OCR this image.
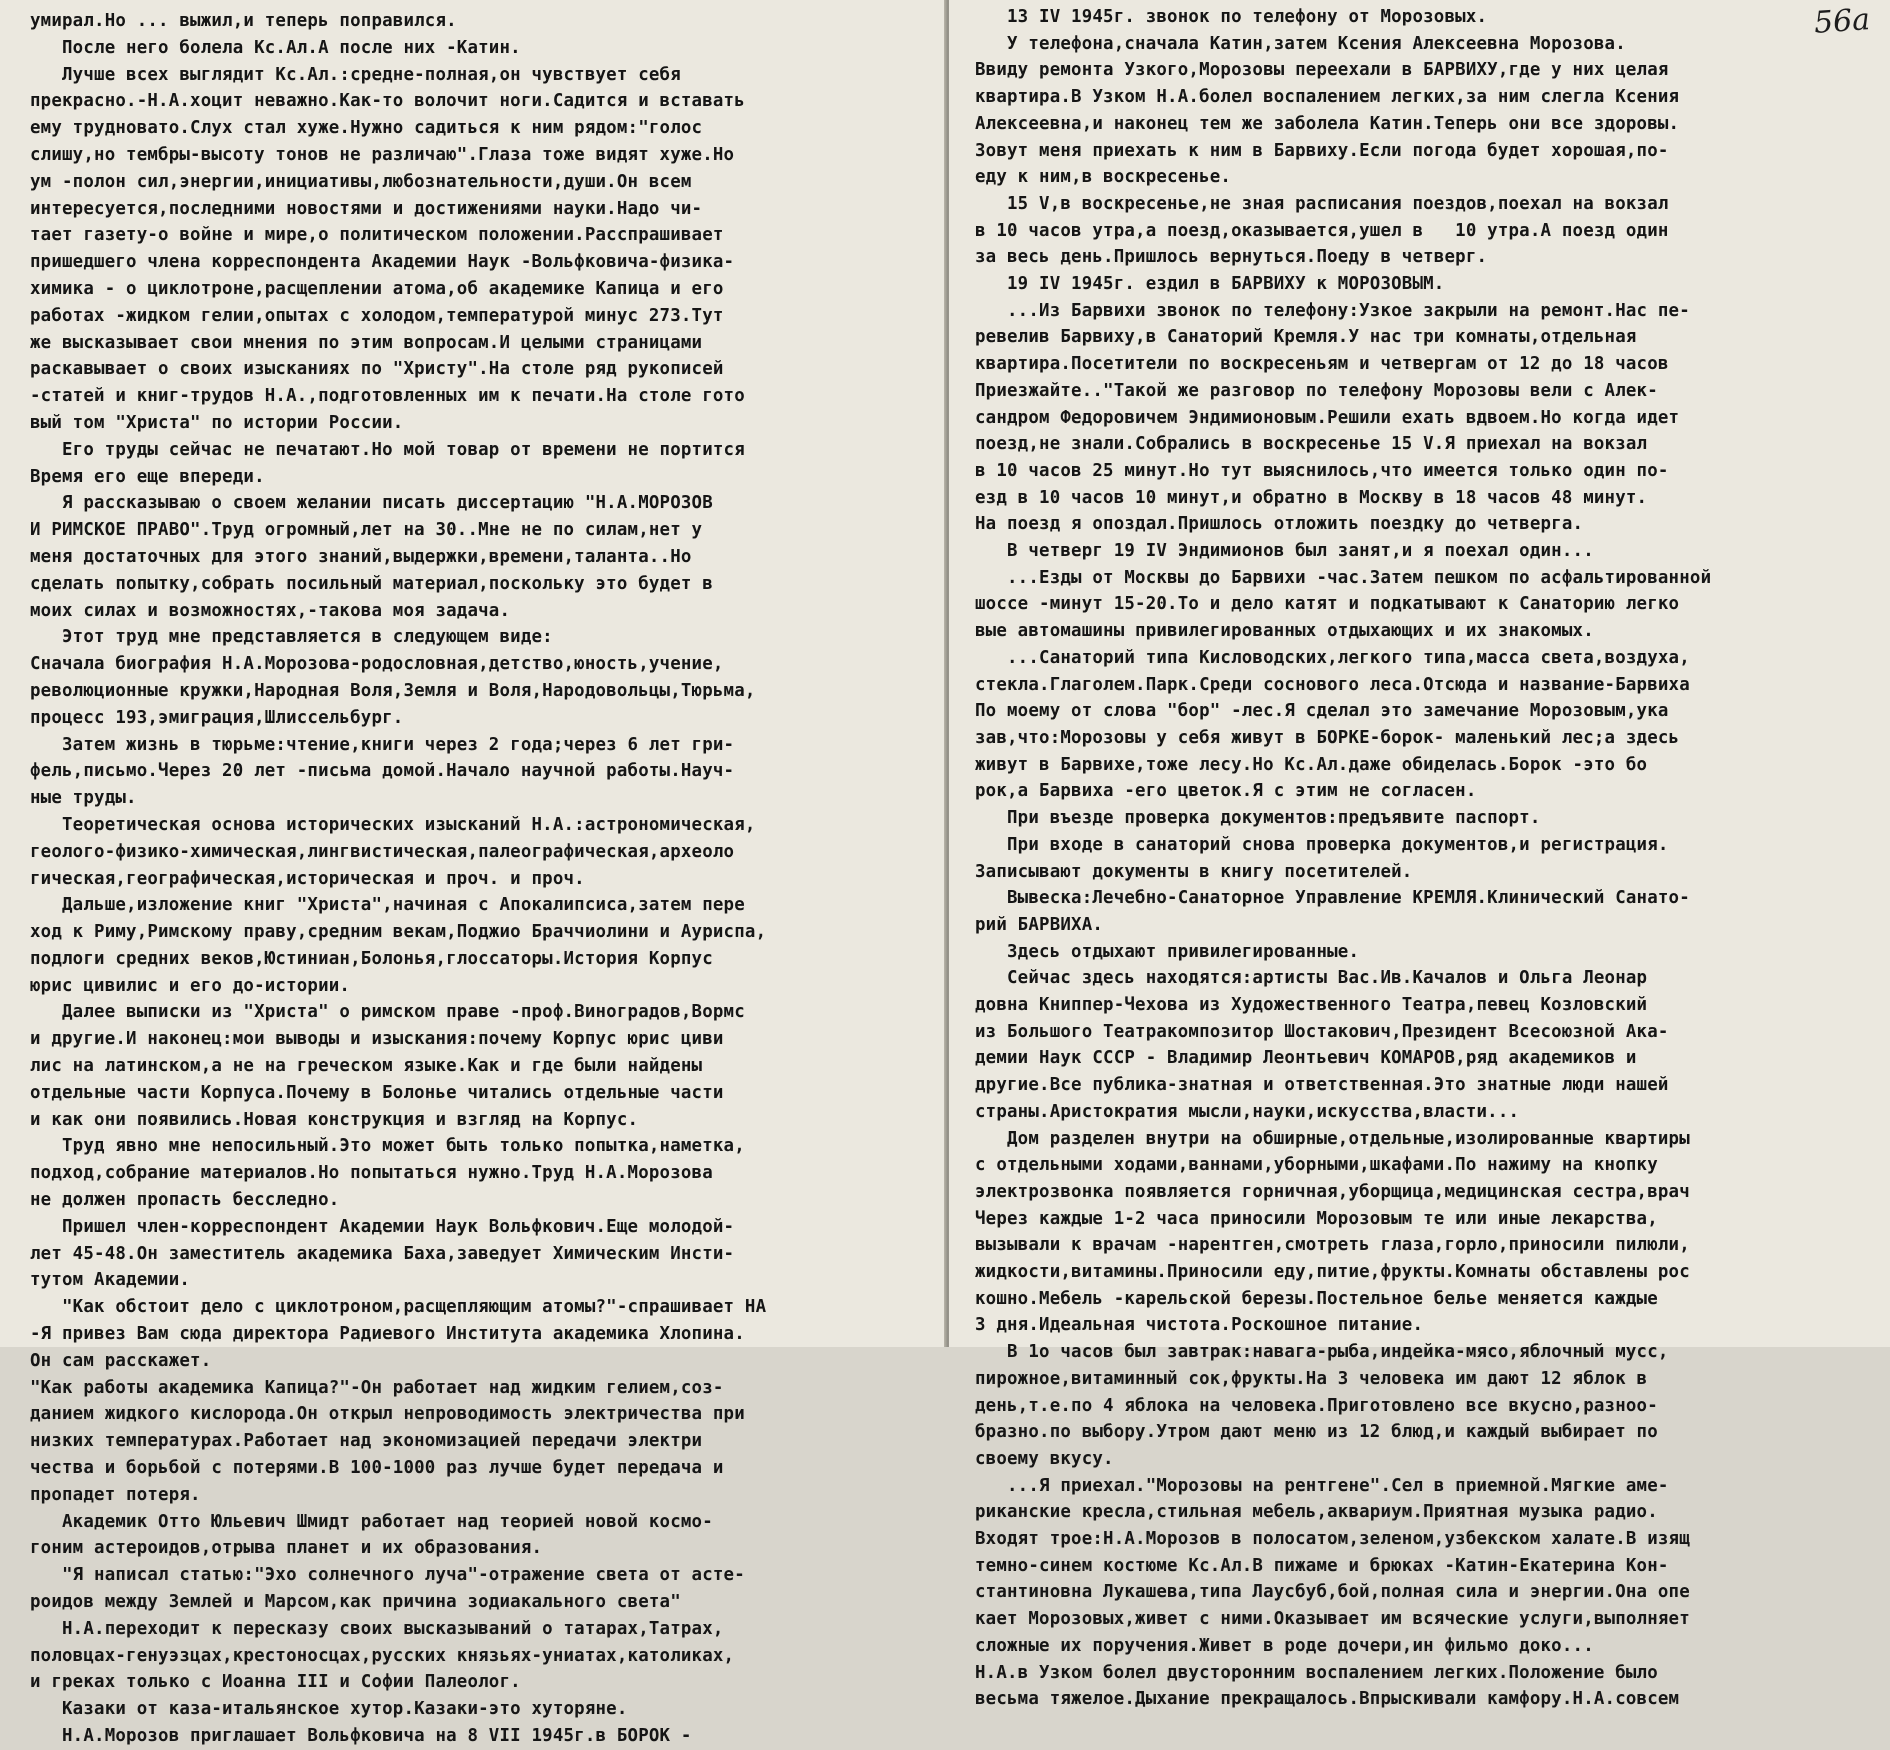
умирал.Но ... выжил,и теперь поправился.
После него болела Кс.Ал.А после них -Катин.
Лучше всех выглядит Кс.Ал.:средне-полная,он чувствует себя
прекрасно.-Н.А.хоцит неважно.Как-то волочит ноги.Садится и вставать
ему трудновато.Слух стал хуже.Нужно садиться к ним рядом:"голос
слишу,но тембры-высоту тонов не различаю".Глаза тоже видят хуже.Но
ум -полон сил,энергии,инициативы,любознательности,души.Он всем
интересуется,последними новостями и достижениями науки.Надо чи-
тает газету-о войне и мире,о политическом положении.Расспрашивает
пришедшего члена корреспондента Академии Наук -Вольфковича-физика-
химика - о циклотроне,расщеплении атома,об академике Капица и его
работах -жидком гелии,опытах с холодом,температурой минус 273.Тут
же высказывает свои мнения по этим вопросам.И целыми страницами
раскавывает о своих изысканиях по "Христу".На столе ряд рукописей
-статей и книг-трудов Н.А.,подготовленных им к печати.На столе гото
вый том "Христа" по истории России.
Его труды сейчас не печатают.Но мой товар от времени не портится
Время его еще впереди.
Я рассказываю о своем желании писать диссертацию "Н.А.МОРОЗОВ
И РИМСКОЕ ПРАВО".Труд огромный,лет на 30..Мне не по силам,нет у
меня достаточных для этого знаний,выдержки,времени,таланта..Но
сделать попытку,собрать посильный материал,поскольку это будет в
моих силах и возможностях,-такова моя задача.
Этот труд мне представляется в следующем виде:
Сначала биография Н.А.Морозова-родословная,детство,юность,учение,
революционные кружки,Народная Воля,Земля и Воля,Народовольцы,Тюрьма,
процесс 193,эмиграция,Шлиссельбург.
Затем жизнь в тюрьме:чтение,книги через 2 года;через 6 лет гри-
фель,письмо.Через 20 лет -письма домой.Начало научной работы.Науч-
ные труды.
Теоретическая основа исторических изысканий Н.А.:астрономическая,
геолого-физико-химическая,лингвистическая,палеографическая,археоло
гическая,географическая,историческая и проч. и проч.
Дальше,изложение книг "Христа",начиная с Апокалипсиса,затем пере
ход к Риму,Римскому праву,средним векам,Поджио Браччиолини и Ауриспа,
подлоги средних веков,Юстиниан,Болонья,глоссаторы.История Корпус
юрис цивилис и его до-истории.
Далее выписки из "Христа" о римском праве -проф.Виноградов,Вормс
и другие.И наконец:мои выводы и изыскания:почему Корпус юрис циви
лис на латинском,а не на греческом языке.Как и где были найдены
отдельные части Корпуса.Почему в Болонье читались отдельные части
и как они появились.Новая конструкция и взгляд на Корпус.
Труд явно мне непосильный.Это может быть только попытка,наметка,
подход,собрание материалов.Но попытаться нужно.Труд Н.А.Морозова
не должен пропасть бесследно.
Пришел член-корреспондент Академии Наук Вольфкович.Еще молодой-
лет 45-48.Он заместитель академика Баха,заведует Химическим Инсти-
тутом Академии.
"Как обстоит дело с циклотроном,расщепляющим атомы?"-спрашивает НА
-Я привез Вам сюда директора Радиевого Института академика Хлопина.
Он сам расскажет.
"Как работы академика Капица?"-Он работает над жидким гелием,соз-
данием жидкого кислорода.Он открыл непроводимость электричества при
низких температурах.Работает над экономизацией передачи электри
чества и борьбой с потерями.В 100-1000 раз лучше будет передача и
пропадет потеря.
Академик Отто Юльевич Шмидт работает над теорией новой космо-
гоним астероидов,отрыва планет и их образования.
"Я написал статью:"Эхо солнечного луча"-отражение света от асте-
роидов между Землей и Марсом,как причина зодиакального света"
Н.А.переходит к пересказу своих высказываний о татарах,Татрах,
половцах-генуэзцах,крестоносцах,русских князьях-униатах,католиках,
и греках только с Иоанна III и Софии Палеолог.
Казаки от каза-итальянское хутор.Казаки-это хуторяне.
Н.А.Морозов приглашает Вольфковича на 8 VII 1945г.в БОРОК -
13 IV 1945г. звонок по телефону от Морозовых.
У телефона,сначала Катин,затем Ксения Алексеевна Морозова.
Ввиду ремонта Узкого,Морозовы переехали в БАРВИХУ,где у них целая
квартира.В Узком Н.А.болел воспалением легких,за ним слегла Ксения
Алексеевна,и наконец тем же заболела Катин.Теперь они все здоровы.
Зовут меня приехать к ним в Барвиху.Если погода будет хорошая,по-
еду к ним,в воскресенье.
15 V,в воскресенье,не зная расписания поездов,поехал на вокзал
в 10 часов утра,а поезд,оказывается,ушел в   10 утра.А поезд один
за весь день.Пришлось вернуться.Поеду в четверг.
19 IV 1945г. ездил в БАРВИХУ к МОРОЗОВЫМ.
...Из Барвихи звонок по телефону:Узкое закрыли на ремонт.Нас пе-
ревелив Барвиху,в Санаторий Кремля.У нас три комнаты,отдельная
квартира.Посетители по воскресеньям и четвергам от 12 до 18 часов
Приезжайте.."Такой же разговор по телефону Морозовы вели с Алек-
сандром Федоровичем Эндимионовым.Решили ехать вдвоем.Но когда идет
поезд,не знали.Собрались в воскресенье 15 V.Я приехал на вокзал
в 10 часов 25 минут.Но тут выяснилось,что имеется только один по-
езд в 10 часов 10 минут,и обратно в Москву в 18 часов 48 минут.
На поезд я опоздал.Пришлось отложить поездку до четверга.
В четверг 19 IV Эндимионов был занят,и я поехал один...
...Езды от Москвы до Барвихи -час.Затем пешком по асфальтированной
шоссе -минут 15-20.То и дело катят и подкатывают к Санаторию легко
вые автомашины привилегированных отдыхающих и их знакомых.
...Санаторий типа Кисловодских,легкого типа,масса света,воздуха,
стекла.Глаголем.Парк.Среди соснового леса.Отсюда и название-Барвиха
По моему от слова "бор" -лес.Я сделал это замечание Морозовым,ука
зав,что:Морозовы у себя живут в БОРКЕ-борок- маленький лес;а здесь
живут в Барвихе,тоже лесу.Но Кс.Ал.даже обиделась.Борок -это бо
рок,а Барвиха -его цветок.Я с этим не согласен.
При въезде проверка документов:предъявите паспорт.
При входе в санаторий снова проверка документов,и регистрация.
Записывают документы в книгу посетителей.
Вывеска:Лечебно-Санаторное Управление КРЕМЛЯ.Клинический Санато-
рий БАРВИХА.
Здесь отдыхают привилегированные.
Сейчас здесь находятся:артисты Вас.Ив.Качалов и Ольга Леонар
довна Книппер-Чехова из Художественного Театра,певец Козловский
из Большого Театракомпозитор Шостакович,Президент Всесоюзной Ака-
демии Наук СССР - Владимир Леонтьевич КОМАРОВ,ряд академиков и
другие.Все публика-знатная и ответственная.Это знатные люди нашей
страны.Аристократия мысли,науки,искусства,власти...
Дом разделен внутри на обширные,отдельные,изолированные квартиры
с отдельными ходами,ваннами,уборными,шкафами.По нажиму на кнопку
электрозвонка появляется горничная,уборщица,медицинская сестра,врач
Через каждые 1-2 часа приносили Морозовым те или иные лекарства,
вызывали к врачам -нарентген,смотреть глаза,горло,приносили пилюли,
жидкости,витамины.Приносили еду,питие,фрукты.Комнаты обставлены рос
кошно.Мебель -карельской березы.Постельное белье меняется каждые
3 дня.Идеальная чистота.Роскошное питание.
В 1о часов был завтрак:навага-рыба,индейка-мясо,яблочный мусс,
пирожное,витаминный сок,фрукты.На 3 человека им дают 12 яблок в
день,т.е.по 4 яблока на человека.Приготовлено все вкусно,разноо-
бразно.по выбору.Утром дают меню из 12 блюд,и каждый выбирает по
своему вкусу.
...Я приехал."Морозовы на рентгене".Сел в приемной.Мягкие аме-
риканские кресла,стильная мебель,аквариум.Приятная музыка радио.
Входят трое:Н.А.Морозов в полосатом,зеленом,узбекском халате.В изящ
темно-синем костюме Кс.Ал.В пижаме и брюках -Катин-Екатерина Кон-
стантиновна Лукашева,типа Лаусбуб,бой,полная сила и энергии.Она опе
кает Морозовых,живет с ними.Оказывает им всяческие услуги,выполняет
сложные их поручения.Живет в роде дочери,ин фильмо доко...
Н.А.в Узком болел двусторонним воспалением легких.Положение было
весьма тяжелое.Дыхание прекращалось.Впрыскивали камфору.Н.А.совсем
56а
